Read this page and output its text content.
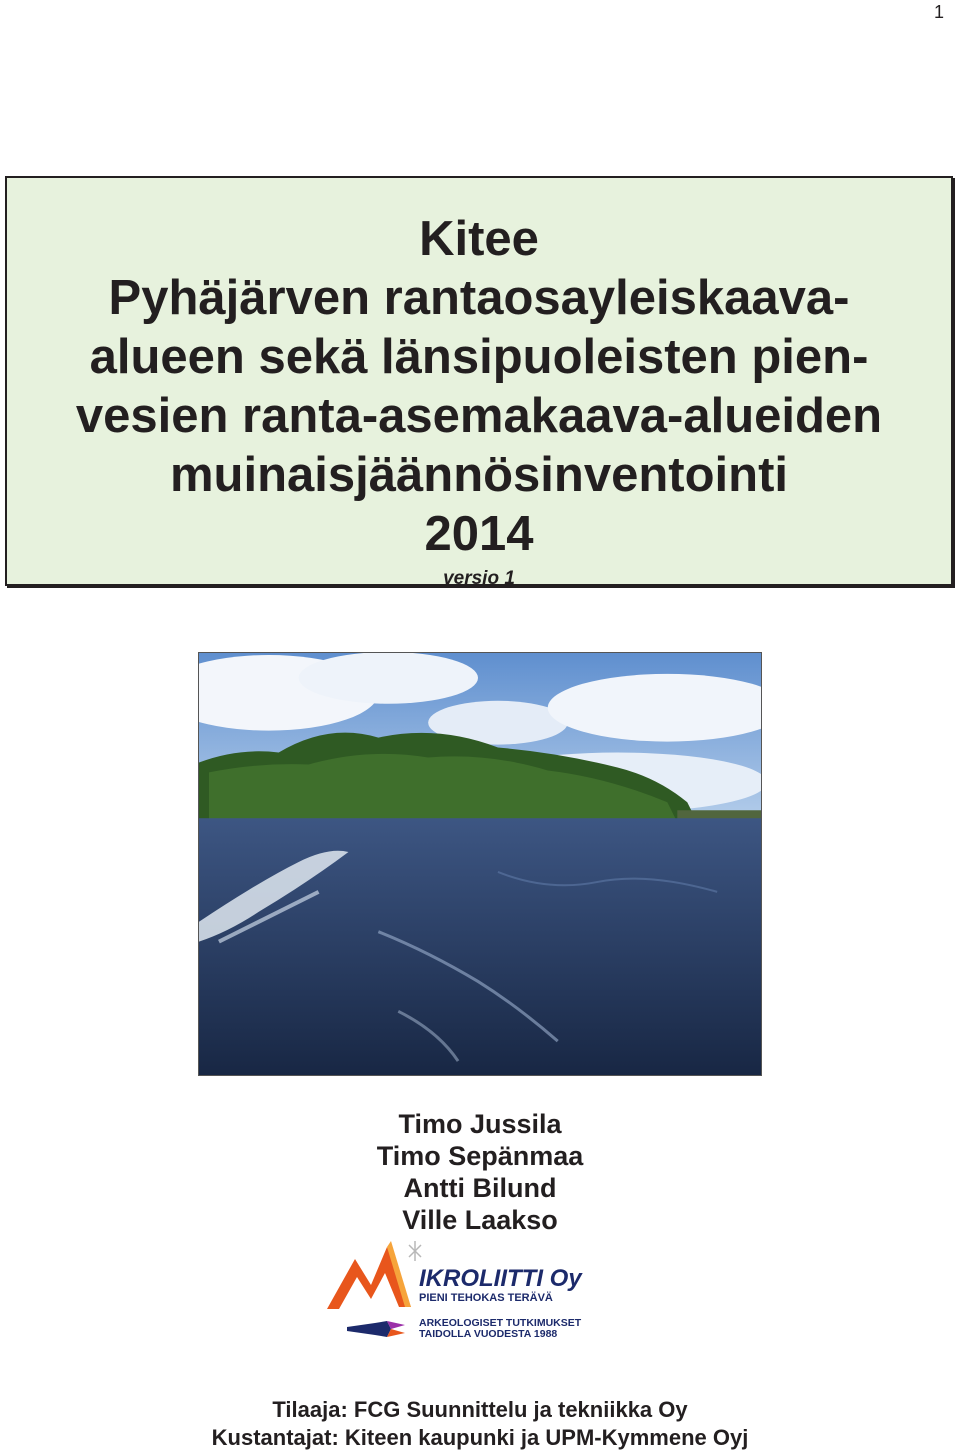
1
Kitee
Pyhäjärven rantaosayleiskaava-
alueen sekä länsipuoleisten pien-
vesien ranta-asemakaava-alueiden
muinaisjäännösinventointi
2014
versio 1
Timo Jussila
Timo Sepänmaa
Antti Bilund
Ville Laakso
IKROLIITTI Oy
PIENI TEHOKAS TERÄVÄ
ARKEOLOGISET TUTKIMUKSET
TAIDOLLA VUODESTA 1988
Tilaaja: FCG Suunnittelu ja tekniikka Oy
Kustantajat: Kiteen kaupunki ja UPM-Kymmene Oyj
